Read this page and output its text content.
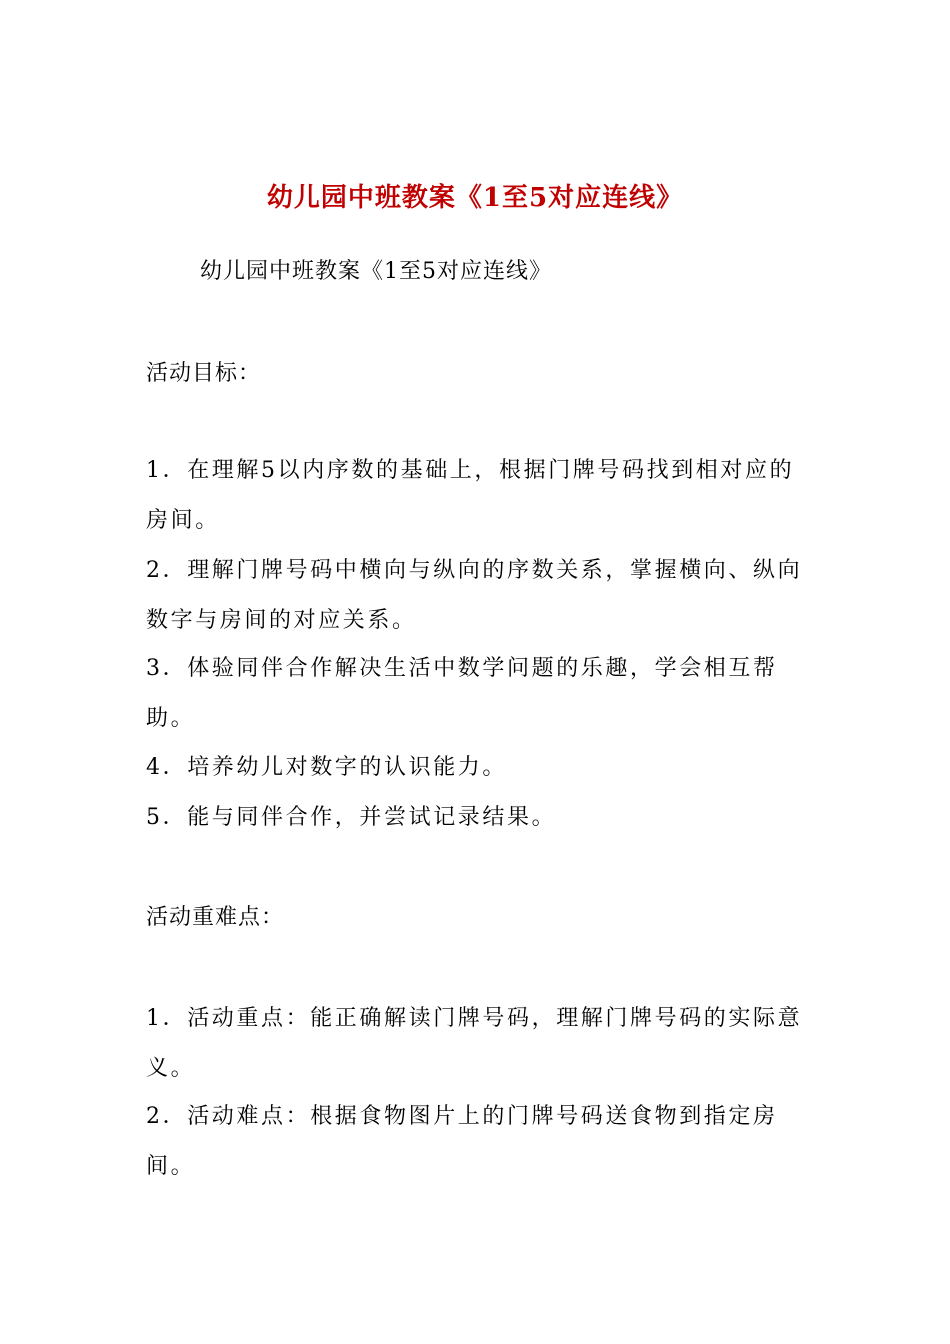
幼儿园中班教案《1至5对应连线》
幼儿园中班教案《1至5对应连线》
活动目标：
1．在理解5以内序数的基础上，根据门牌号码找到相对应的房间。
2．理解门牌号码中横向与纵向的序数关系，掌握横向、纵向数字与房间的对应关系。
3．体验同伴合作解决生活中数学问题的乐趣，学会相互帮助。
4．培养幼儿对数字的认识能力。
5．能与同伴合作，并尝试记录结果。
活动重难点：
1．活动重点：能正确解读门牌号码，理解门牌号码的实际意义。
2．活动难点：根据食物图片上的门牌号码送食物到指定房间。
